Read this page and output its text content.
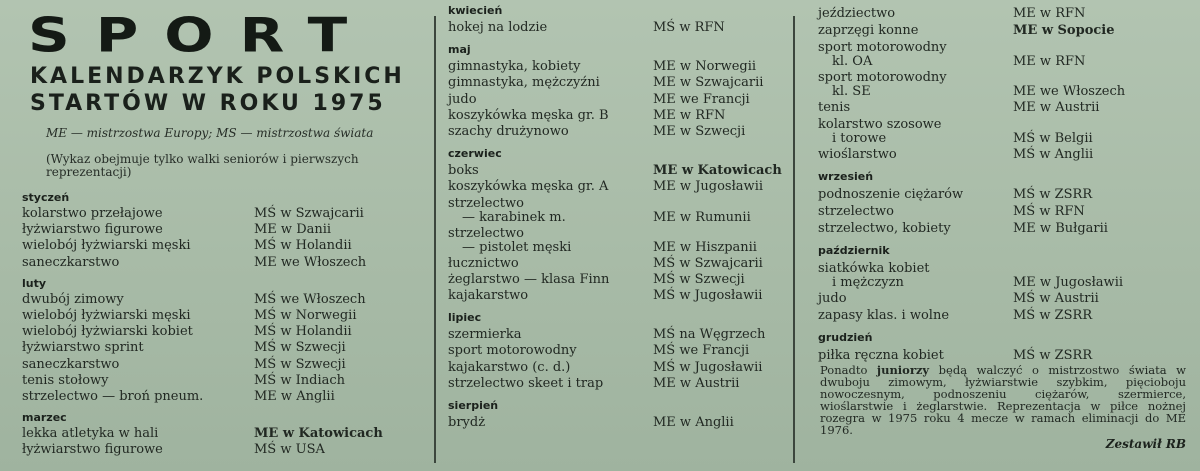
SPORT
KALENDARZYK POLSKICH
STARTÓW W ROKU 1975

ME — mistrzostwa Europy; MS — mistrzostwa świata

(Wykaz obejmuje tylko walki seniorów i pierwszych reprezentacji)

styczeń
kolarstwo przełajowe	MŚ w Szwajcarii
łyżwiarstwo figurowe	ME w Danii
wielobój łyżwiarski męski	MŚ w Holandii
saneczkarstwo	ME we Włoszech
luty
dwubój zimowy	MŚ we Włoszech
wielobój łyżwiarski męski	MŚ w Norwegii
wielobój łyżwiarski kobiet	MŚ w Holandii
łyżwiarstwo sprint	MŚ w Szwecji
saneczkarstwo	MŚ w Szwecji
tenis stołowy	MŚ w Indiach
strzelectwo — broń pneum.	ME w Anglii
marzec
lekka atletyka w hali	ME w Katowicach
łyżwiarstwo figurowe	MŚ w USA
kwiecień
hokej na lodzie	MŚ w RFN
maj
gimnastyka, kobiety	ME w Norwegii
gimnastyka, mężczyźni	ME w Szwajcarii
judo	ME we Francji
koszykówka męska gr. B	ME w RFN
szachy drużynowo	ME w Szwecji
czerwiec
boks	ME w Katowicach
koszykówka męska gr. A	ME w Jugosławii
strzelectwo
— karabinek m.	ME w Rumunii
strzelectwo
— pistolet męski	ME w Hiszpanii
łucznictwo	MŚ w Szwajcarii
żeglarstwo — klasa Finn	MŚ w Szwecji
kajakarstwo	MŚ w Jugosławii
lipiec
szermierka	MŚ na Węgrzech
sport motorowodny	MŚ we Francji
kajakarstwo (c. d.)	MŚ w Jugosławii
strzelectwo skeet i trap	ME w Austrii
sierpień
brydż	ME w Anglii
jeździectwo	ME w RFN
zaprzęgi konne	ME w Sopocie
sport motorowodny
kl. OA	ME w RFN
sport motorowodny
kl. SE	ME we Włoszech
tenis	ME w Austrii
kolarstwo szosowe
i torowe	MŚ w Belgii
wioślarstwo	MŚ w Anglii
wrzesień
podnoszenie ciężarów	MŚ w ZSRR
strzelectwo	MŚ w RFN
strzelectwo, kobiety	ME w Bułgarii
październik
siatkówka kobiet
i mężczyzn	ME w Jugosławii
judo	MŚ w Austrii
zapasy klas. i wolne	MŚ w ZSRR
grudzień
piłka ręczna kobiet	MŚ w ZSRR

Ponadto juniorzy będą walczyć o mistrzostwo świata w dwuboju zimowym, łyżwiarstwie szybkim, pięcioboju nowoczesnym, podnoszeniu ciężarów, szermierce, wioślarstwie i żeglarstwie. Reprezentacja w piłce nożnej rozegra w 1975 roku 4 mecze w ramach eliminacji do ME 1976.

Zestawił RB
